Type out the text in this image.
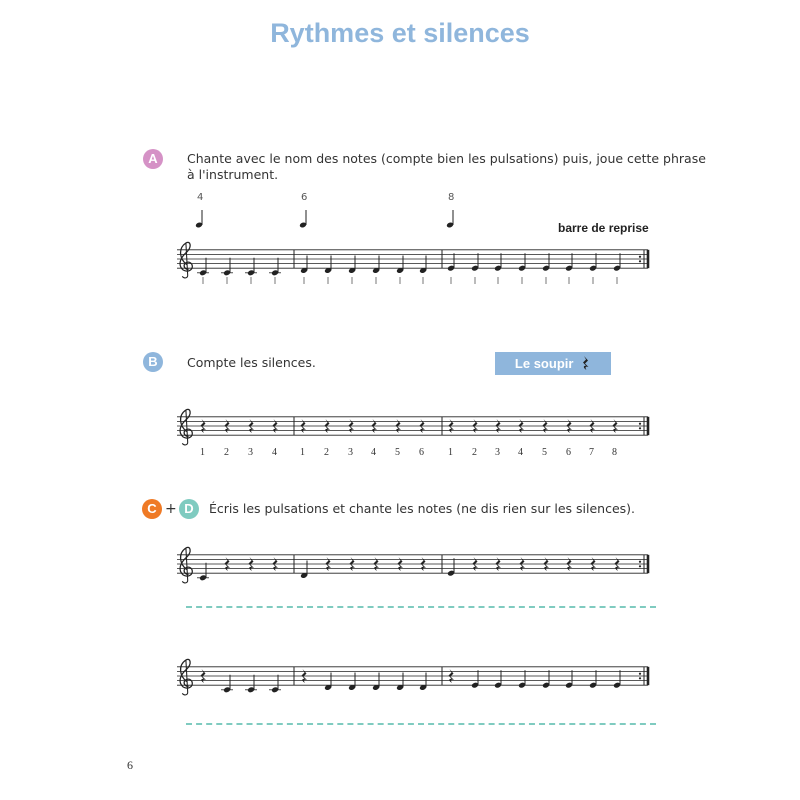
Rythmes et silences
A	Chante avec le nom des notes (compte bien les pulsations) puis, joue cette phrase

à l'instrument.

barre de reprise
B	Compte les silences.	Le soupir
C + D	Écris les pulsations et chante les notes (ne dis rien sur les silences).

6
4	6	8
1 2 3 4 1 2 3 4 5 6 1 2 3 4 5 6 7 8
